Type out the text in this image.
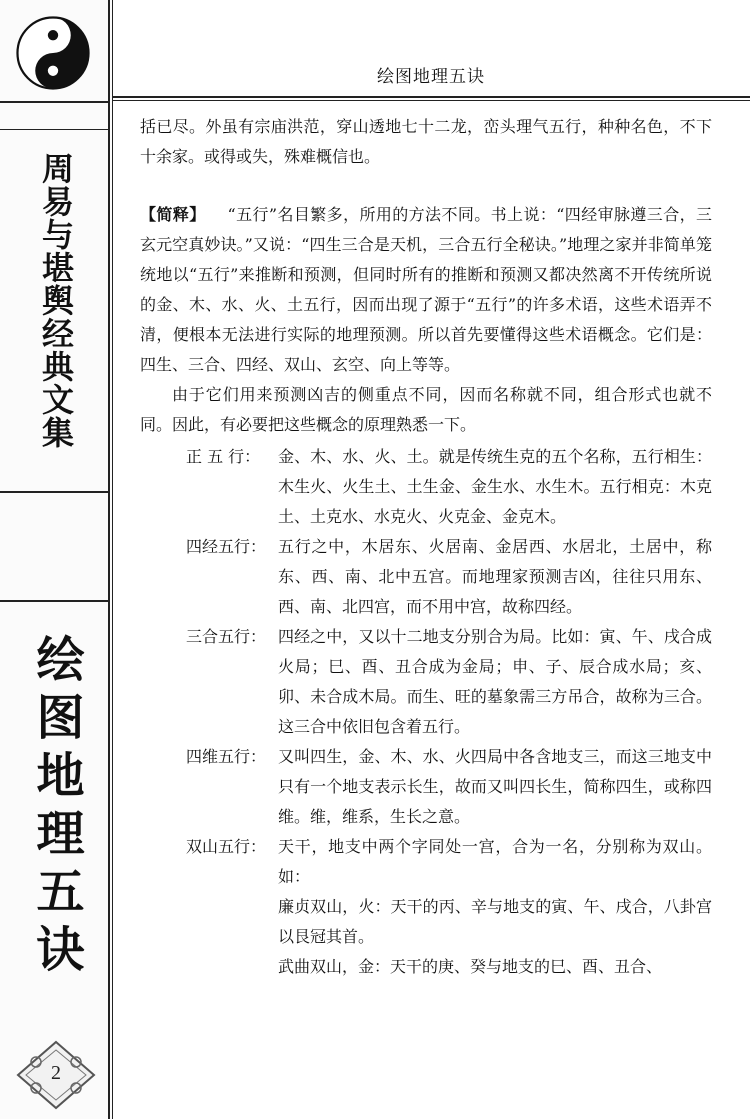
周易与堪舆经典文集
绘图地理五诀
2
绘图地理五诀

括已尽。外虽有宗庙洪范，穿山透地七十二龙，峦头理气五行，种种名色，不下十余家。或得或失，殊难概信也。

【简释】 “五行”名目繁多，所用的方法不同。书上说：“四经审脉遵三合，三玄元空真妙诀。”又说：“四生三合是天机，三合五行全秘诀。”地理之家并非简单笼统地以“五行”来推断和预测，但同时所有的推断和预测又都决然离不开传统所说的金、木、水、火、土五行，因而出现了源于“五行”的许多术语，这些术语弄不清，便根本无法进行实际的地理预测。所以首先要懂得这些术语概念。它们是：四生、三合、四经、双山、玄空、向上等等。

由于它们用来预测凶吉的侧重点不同，因而名称就不同，组合形式也就不同。因此，有必要把这些概念的原理熟悉一下。

正 五 行：	金、木、水、火、土。就是传统生克的五个名称，五行相生：木生火、火生土、土生金、金生水、水生木。五行相克：木克土、土克水、水克火、火克金、金克木。
四经五行： 五行之中，木居东、火居南、金居西、水居北，土居中，称东、西、南、北中五宫。而地理家预测吉凶，往往只用东、西、南、北四宫，而不用中宫，故称四经。
三合五行： 四经之中，又以十二地支分别合为局。比如：寅、午、戌合成火局；巳、酉、丑合成为金局；申、子、辰合成水局；亥、卯、未合成木局。而生、旺的墓象需三方吊合，故称为三合。这三合中依旧包含着五行。
四维五行： 又叫四生，金、木、水、火四局中各含地支三，而这三地支中只有一个地支表示长生，故而又叫四长生，简称四生，或称四维。维，维系，生长之意。
双山五行： 天干，地支中两个字同处一宫，合为一名，分别称为双山。如：

廉贞双山，火：天干的丙、辛与地支的寅、午、戌合，八卦宫以艮冠其首。

武曲双山，金：天干的庚、癸与地支的巳、酉、丑合、
